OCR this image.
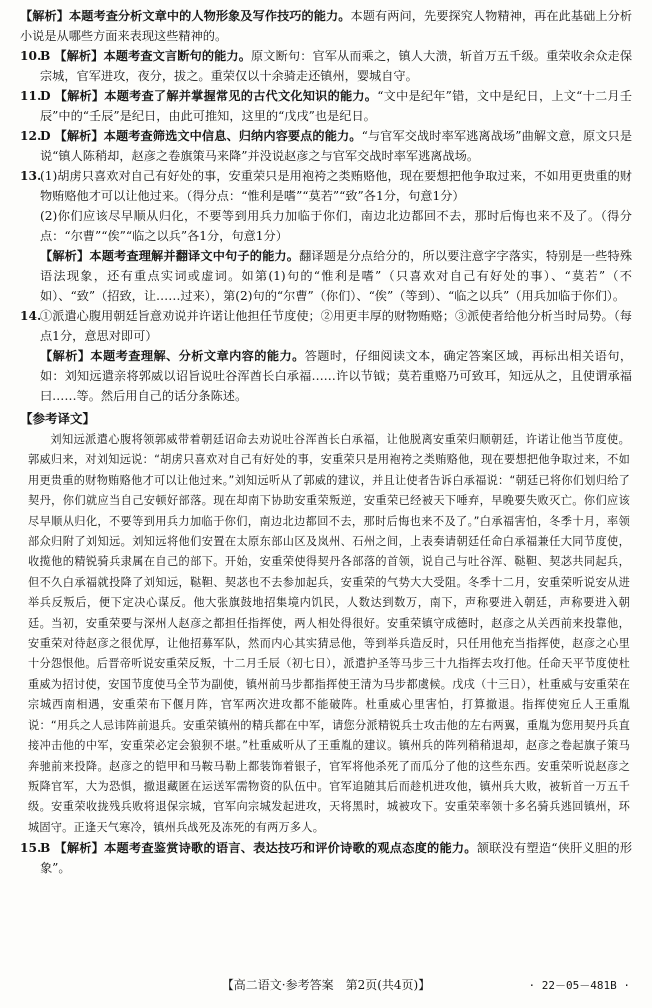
【解析】本题考查分析文章中的人物形象及写作技巧的能力。本题有两问，先要探究人物精神，再在此基础上分析小说是从哪些方面来表现这些精神的。

10.
B 【解析】本题考查文言断句的能力。原文断句：官军从而乘之，镇人大溃，斩首万五千级。重荣收余众走保宗城，官军进攻，夜分，拔之。重荣仅以十余骑走还镇州，婴城自守。
11.
D 【解析】本题考查了解并掌握常见的古代文化知识的能力。“文中是纪年”错，文中是纪日，上文“十二月壬辰”中的“壬辰”是纪日，由此可推知，这里的“戊戌”也是纪日。
12.
D 【解析】本题考查筛选文中信息、归纳内容要点的能力。“与官军交战时率军逃离战场”曲解文意，原文只是说“镇人陈稍却，赵彦之卷旗策马来降”并没说赵彦之与官军交战时率军逃离战场。
13.
(1)胡虏只喜欢对自己有好处的事，安重荣只是用袍袴之类贿赂他，现在要想把他争取过来，不如用更贵重的财物贿赂他才可以让他过来。（得分点：“惟利是嗜”“莫若”“致”各1分，句意1分）
(2)你们应该尽早顺从归化，不要等到用兵力加临于你们，南边北边都回不去，那时后悔也来不及了。（得分点：“尔曹”“俟”“临之以兵”各1分，句意1分）
【解析】本题考查理解并翻译文中句子的能力。翻译题是分点给分的，所以要注意字字落实，特别是一些特殊语法现象，还有重点实词或虚词。如第(1)句的“惟利是嗜”（只喜欢对自己有好处的事）、“莫若”（不如）、“致”（招致，让……过来），第(2)句的“尔曹”（你们）、“俟”（等到）、“临之以兵”（用兵加临于你们）。
14.
①派遣心腹用朝廷旨意劝说并许诺让他担任节度使；②用更丰厚的财物贿赂；③派使者给他分析当时局势。（每点1分，意思对即可）
【解析】本题考查理解、分析文章内容的能力。答题时，仔细阅读文本，确定答案区域，再标出相关语句，如：刘知远遣亲将郭威以诏旨说吐谷浑酋长白承福……许以节钺；莫若重赂乃可致耳，知远从之，且使谓承福曰……等。然后用自己的话分条陈述。

【参考译文】

刘知远派遣心腹将领郭威带着朝廷诏命去劝说吐谷浑酋长白承福，让他脱离安重荣归顺朝廷，许诺让他当节度使。郭威归来，对刘知远说：“胡虏只喜欢对自己有好处的事，安重荣只是用袍袴之类贿赂他，现在要想把他争取过来，不如用更贵重的财物贿赂他才可以让他过来。”刘知远听从了郭威的建议，并且让使者告诉白承福说：“朝廷已将你们划归给了契丹，你们就应当自己安顿好部落。现在却南下协助安重荣叛逆，安重荣已经被天下唾弃，早晚要失败灭亡。你们应该尽早顺从归化，不要等到用兵力加临于你们，南边北边都回不去，那时后悔也来不及了。”白承福害怕，冬季十月，率领部众归附了刘知远。刘知远将他们安置在太原东部山区及岚州、石州之间，上表奏请朝廷任命白承福兼任大同节度使，收揽他的精锐骑兵隶属在自己的部下。开始，安重荣使得契丹各部落的首领，说自己与吐谷浑、鞑靼、契苾共同起兵，但不久白承福就投降了刘知远，鞑靼、契苾也不去参加起兵，安重荣的气势大大受阻。冬季十二月，安重荣听说安从进举兵反叛后，便下定决心谋反。他大张旗鼓地招集境内饥民，人数达到数万，南下，声称要进入朝廷，声称要进入朝廷。当初，安重荣要与深州人赵彦之都担任指挥使，两人相处得很好。安重荣镇守成德时，赵彦之从关西前来投靠他，安重荣对待赵彦之很优厚，让他招募军队，然而内心其实猜忌他，等到举兵造反时，只任用他充当指挥使，赵彦之心里十分怨恨他。后晋帝听说安重荣反叛，十二月壬辰（初七日），派遣护圣等马步三十九指挥去攻打他。任命天平节度使杜重威为招讨使，安国节度使马全节为副使，镇州前马步都指挥使王清为马步都虞候。戊戌（十三日），杜重威与安重荣在宗城西南相遇，安重荣布下偃月阵，官军两次进攻都不能破阵。杜重威心里害怕，打算撤退。指挥使宛丘人王重胤说：“用兵之人忌讳阵前退兵。安重荣镇州的精兵都在中军，请您分派精锐兵士攻击他的左右两翼，重胤为您用契丹兵直接冲击他的中军，安重荣必定会狼狈不堪。”杜重威听从了王重胤的建议。镇州兵的阵列稍稍退却，赵彦之卷起旗子策马奔驰前来投降。赵彦之的铠甲和马鞍马勒上都装饰着银子，官军将他杀死了而瓜分了他的这些东西。安重荣听说赵彦之叛降官军，大为恐惧，撤退藏匿在运送军需物资的队伍中。官军追随其后而趁机进攻他，镇州兵大败，被斩首一万五千级。安重荣收拢残兵败将退保宗城，官军向宗城发起进攻，天将黑时，城被攻下。安重荣率领十多名骑兵逃回镇州，环城固守。正逢天气寒冷，镇州兵战死及冻死的有两万多人。

15.
B 【解析】本题考查鉴赏诗歌的语言、表达技巧和评价诗歌的观点态度的能力。颔联没有塑造“侠肝义胆的形象”。
【高二语文·参考答案　第2页(共4页)】	· 22－05－481B ·
